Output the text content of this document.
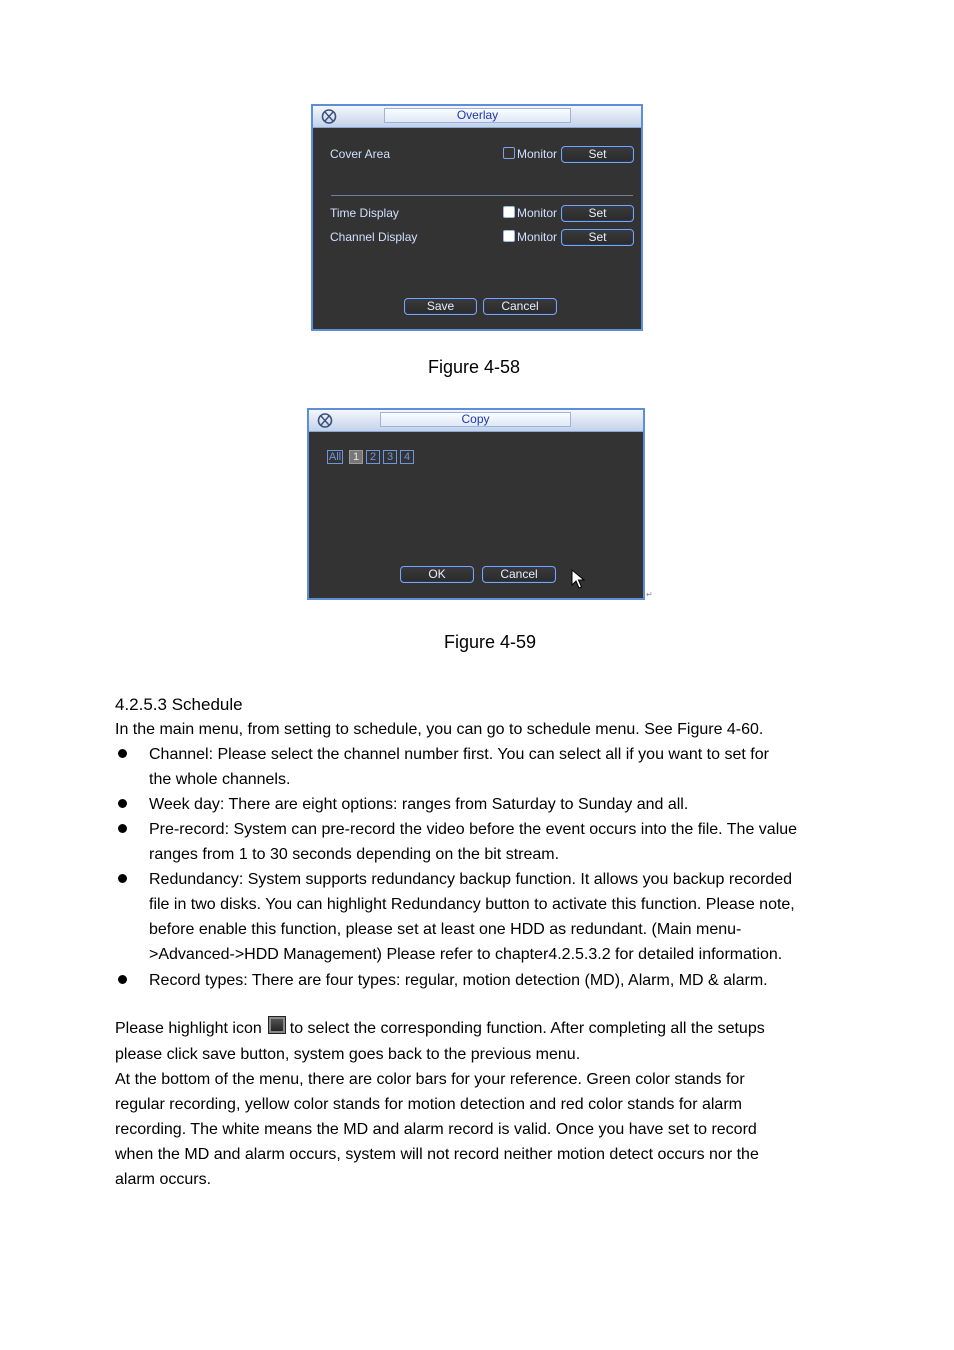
Overlay
Cover Area	Monitor	Set
Time Display	Monitor	Set
Channel Display	Monitor	Set
Save	Cancel
Figure 4-58
Copy
All	1 2 3 4
OK	Cancel
↵
Figure 4-59
4.2.5.3 Schedule
In the main menu, from setting to schedule, you can go to schedule menu. See Figure 4-60.
Channel: Please select the channel number first. You can select all if you want to set for
the whole channels.
Week day: There are eight options: ranges from Saturday to Sunday and all.
Pre-record: System can pre-record the video before the event occurs into the file. The value
ranges from 1 to 30 seconds depending on the bit stream.
Redundancy: System supports redundancy backup function. It allows you backup recorded
file in two disks. You can highlight Redundancy button to activate this function. Please note,
before enable this function, please set at least one HDD as redundant. (Main menu-
>Advanced->HDD Management) Please refer to chapter4.2.5.3.2 for detailed information.
Record types: There are four types: regular, motion detection (MD), Alarm, MD & alarm.
Please highlight icon to select the corresponding function. After completing all the setups
please click save button, system goes back to the previous menu.
At the bottom of the menu, there are color bars for your reference. Green color stands for
regular recording, yellow color stands for motion detection and red color stands for alarm
recording. The white means the MD and alarm record is valid. Once you have set to record
when the MD and alarm occurs, system will not record neither motion detect occurs nor the
alarm occurs.
